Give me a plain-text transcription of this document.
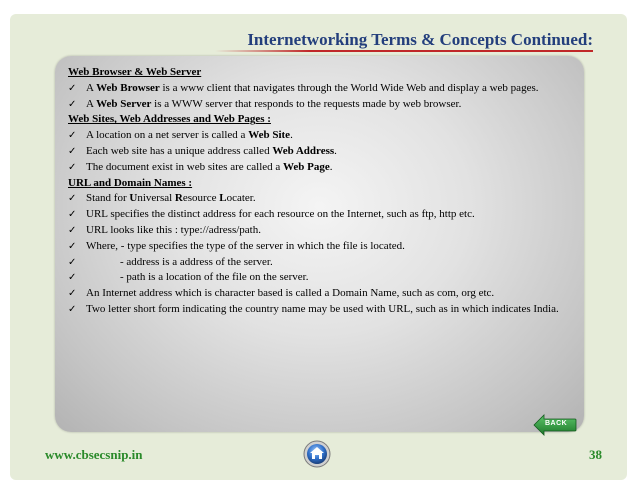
Internetworking Terms & Concepts Continued:
Web Browser & Web Server
✓ A Web Browser is a www client that navigates through the World Wide Web and display a web pages.
✓ A Web Server is a WWW server that responds to the requests made by web browser.
Web Sites, Web Addresses and Web Pages :
✓ A location on a net server is called a Web Site.
✓ Each web site has a unique address called Web Address.
✓ The document exist in web sites are called a Web Page.
URL and Domain Names :
✓ Stand for Universal Resource Locater.
✓ URL specifies the distinct address for each resource on the Internet, such as ftp, http etc.
✓ URL looks like this : type://adress/path.
✓ Where, - type specifies the type of the server in which the file is located.
✓	- address is a address of the server.
✓	- path is a location of the file on the server.
✓ An Internet address which is character based is called a Domain Name, such as com, org etc.
✓ Two letter short form indicating the country name may be used with URL, such as in which indicates India.
BACK
www.cbsecsnip.in	38
